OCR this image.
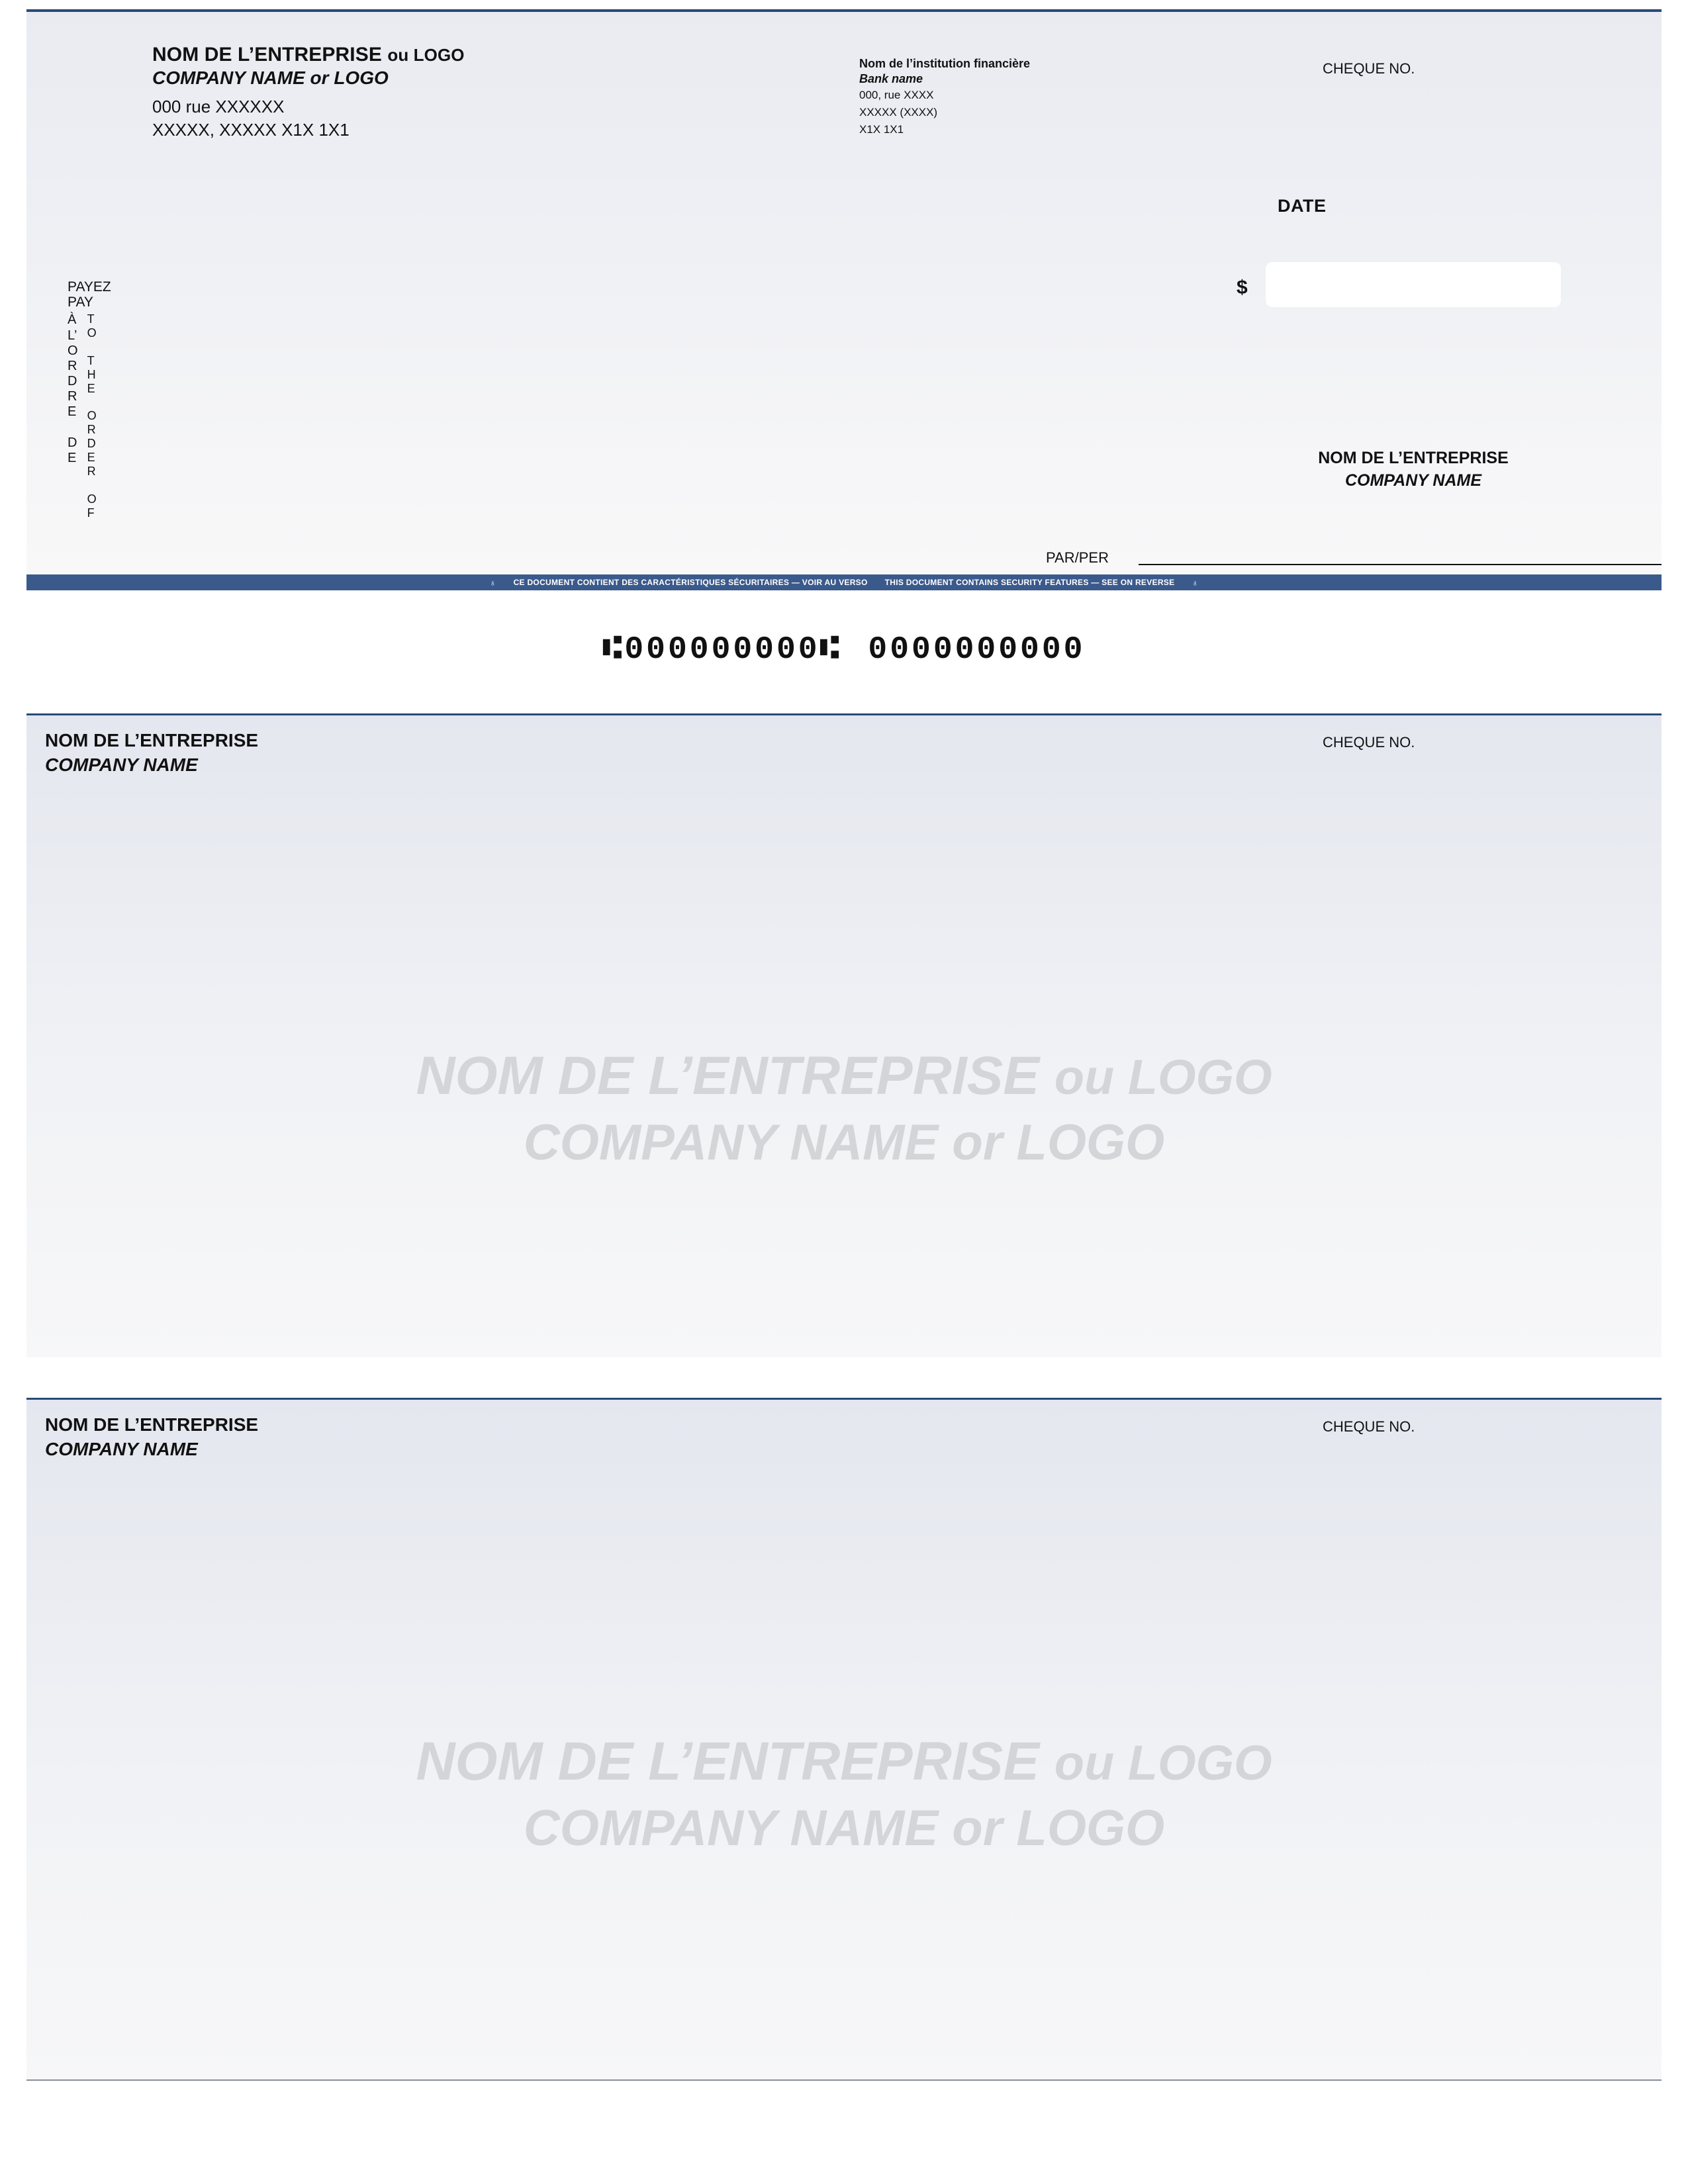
NOM DE L’ENTREPRISE ou LOGO
COMPANY NAME or LOGO
000 rue XXXXXX
XXXXX, XXXXX X1X 1X1
Nom de l’institution financière
Bank name
000, rue XXXX
XXXXX (XXXX)
X1X 1X1
CHEQUE NO.
DATE
$
PAYEZ
PAY
À
L’
O
R
D
R
E

D
E
T
O

T
H
E

O
R
D
E
R

O
F
NOM DE L’ENTREPRISE
COMPANY NAME
PAR/PER
♁ CE DOCUMENT CONTIENT DES CARACTÉRISTIQUES SÉCURITAIRES — VOIR AU VERSO THIS DOCUMENT CONTAINS SECURITY FEATURES — SEE ON REVERSE ♁
⑆000000000⑆ 0000000000
NOM DE L’ENTREPRISE
COMPANY NAME
CHEQUE NO.
NOM DE L’ENTREPRISE ou LOGO
COMPANY NAME or LOGO
NOM DE L’ENTREPRISE
COMPANY NAME
CHEQUE NO.
NOM DE L’ENTREPRISE ou LOGO
COMPANY NAME or LOGO
